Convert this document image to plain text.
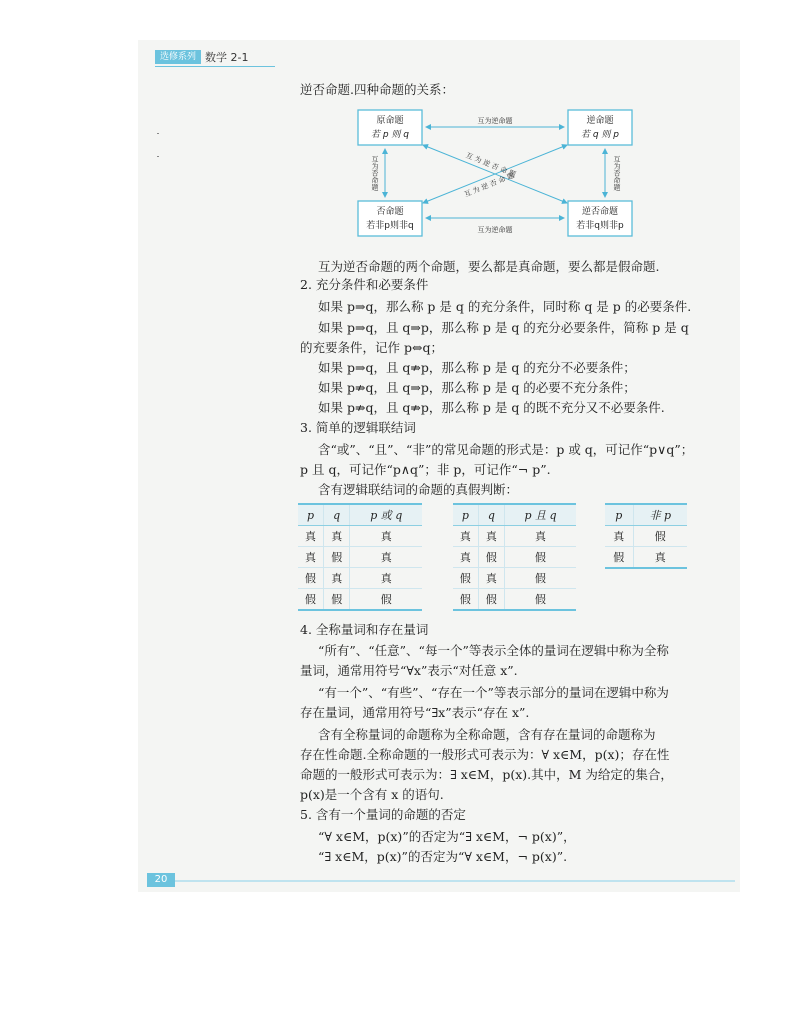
选修系列 数学 2-1
逆否命题.四种命题的关系：
原命题
若 p 则 q
逆命题
若 q 则 p
否命题
若非p则非q
逆否命题
若非q则非p
互为逆命题
互为逆命题
互为否命题	互为否命题
互 为 逆 否 命 题
互 为 逆 否 命 题
互为逆否命题的两个命题，要么都是真命题，要么都是假命题.
2. 充分条件和必要条件
如果 p⇒q，那么称 p 是 q 的充分条件，同时称 q 是 p 的必要条件.
如果 p⇒q，且 q⇒p，那么称 p 是 q 的充分必要条件，简称 p 是 q
的充要条件，记作 p⇔q；
如果 p⇒q，且 q⇏p，那么称 p 是 q 的充分不必要条件；
如果 p⇏q，且 q⇒p，那么称 p 是 q 的必要不充分条件；
如果 p⇏q，且 q⇏p，那么称 p 是 q 的既不充分又不必要条件.
3. 简单的逻辑联结词
含“或”、“且”、“非”的常见命题的形式是：p 或 q，可记作“p∨q”；
p 且 q，可记作“p∧q”；非 p，可记作“¬ p”.
含有逻辑联结词的命题的真假判断：
p	q	p 或 q
真	真	真
真	假	真
假	真	真
假	假	假
p	q	p 且 q
真	真	真
真	假	假
假	真	假
假	假	假
p	非 p
真	假
假	真
4. 全称量词和存在量词
“所有”、“任意”、“每一个”等表示全体的量词在逻辑中称为全称
量词，通常用符号“∀x”表示“对任意 x”.
“有一个”、“有些”、“存在一个”等表示部分的量词在逻辑中称为
存在量词，通常用符号“∃x”表示“存在 x”.
含有全称量词的命题称为全称命题，含有存在量词的命题称为
存在性命题.全称命题的一般形式可表示为：∀ x∈M，p(x)；存在性
命题的一般形式可表示为：∃ x∈M，p(x).其中，M 为给定的集合，
p(x)是一个含有 x 的语句.
5. 含有一个量词的命题的否定
“∀ x∈M，p(x)”的否定为“∃ x∈M，¬ p(x)”，
“∃ x∈M，p(x)”的否定为“∀ x∈M，¬ p(x)”.
20
